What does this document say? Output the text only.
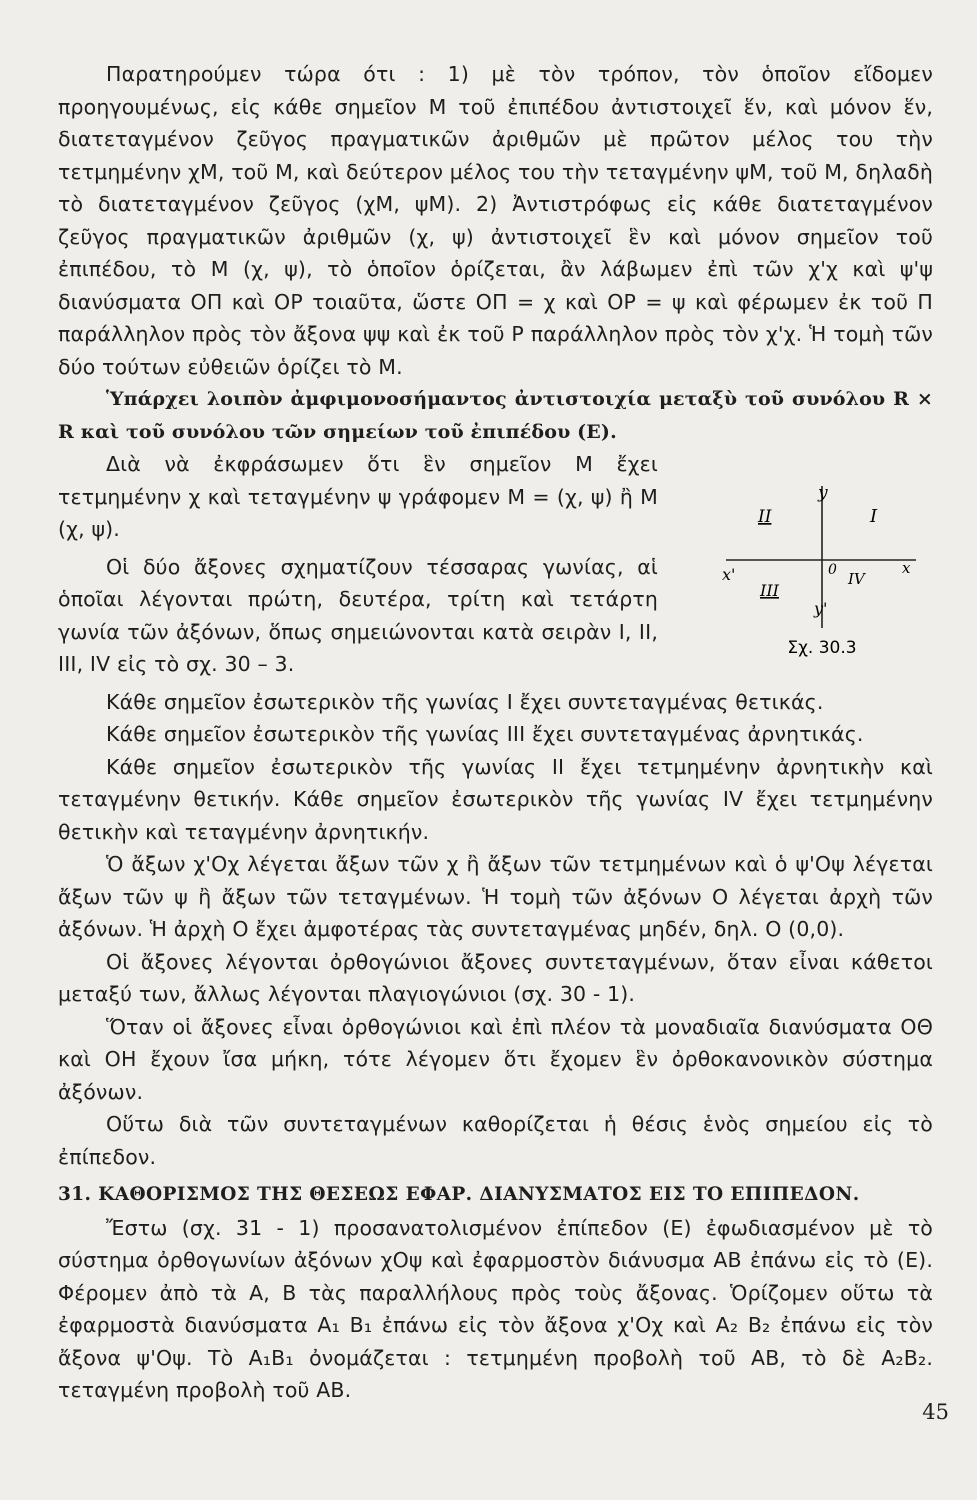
Παρατηρούμεν τώρα ότι : 1) μὲ τὸν τρόπον, τὸν ὁποῖον εἴδομεν προηγουμένως, εἰς κάθε σημεῖον Μ τοῦ ἐπιπέδου ἀντιστοιχεῖ ἕν, καὶ μόνον ἕν, διατεταγμένον ζεῦγος πραγματικῶν ἀριθμῶν μὲ πρῶτον μέλος του τὴν τετμημένην χΜ, τοῦ Μ, καὶ δεύτερον μέλος του τὴν τεταγμένην ψΜ, τοῦ Μ, δηλαδὴ τὸ διατεταγμένον ζεῦγος (χΜ, ψΜ). 2) Ἀντιστρόφως εἰς κάθε διατεταγμένον ζεῦγος πραγματικῶν ἀριθμῶν (χ, ψ) ἀντιστοιχεῖ ἓν καὶ μόνον σημεῖον τοῦ ἐπιπέδου, τὸ Μ (χ, ψ), τὸ ὁποῖον ὁρίζεται, ἂν λάβωμεν ἐπὶ τῶν χ'χ καὶ ψ'ψ διανύσματα ΟΠ καὶ ΟΡ τοιαῦτα, ὥστε ΟΠ = χ καὶ ΟΡ = ψ καὶ φέρωμεν ἐκ τοῦ Π παράλληλον πρὸς τὸν ἄξονα ψψ καὶ ἐκ τοῦ Ρ παράλληλον πρὸς τὸν χ'χ. Ἡ τομὴ τῶν δύο τούτων εὐθειῶν ὁρίζει τὸ Μ.

Ὑπάρχει λοιπὸν ἀμφιμονοσήμαντος ἀντιστοιχία μεταξὺ τοῦ συνόλου R × R καὶ τοῦ συνόλου τῶν σημείων τοῦ ἐπιπέδου (Ε).

Διὰ νὰ ἐκφράσωμεν ὅτι ἓν σημεῖον Μ ἔχει τετμημένην χ καὶ τεταγμένην ψ γράφομεν Μ = (χ, ψ) ἢ Μ (χ, ψ).

Οἱ δύο ἄξονες σχηματίζουν τέσσαρας γωνίας, αἱ ὁποῖαι λέγονται πρώτη, δευτέρα, τρίτη καὶ τετάρτη γωνία τῶν ἀξόνων, ὅπως σημειώνονται κατὰ σειρὰν Ι, ΙΙ, ΙΙΙ, ΙV εἰς τὸ σχ. 30 – 3.

Κάθε σημεῖον ἐσωτερικὸν τῆς γωνίας Ι ἔχει συντεταγμένας θετικάς.

Κάθε σημεῖον ἐσωτερικὸν τῆς γωνίας ΙΙΙ ἔχει συντεταγμένας ἀρνητικάς.

Κάθε σημεῖον ἐσωτερικὸν τῆς γωνίας ΙΙ ἔχει τετμημένην ἀρνητικὴν καὶ τεταγμένην θετικήν. Κάθε σημεῖον ἐσωτερικὸν τῆς γωνίας IV ἔχει τετμημένην θετικὴν καὶ τεταγμένην ἀρνητικήν.

Ὁ ἄξων χ'Οχ λέγεται ἄξων τῶν χ ἢ ἄξων τῶν τετμημένων καὶ ὁ ψ'Οψ λέγεται ἄξων τῶν ψ ἢ ἄξων τῶν τεταγμένων. Ἡ τομὴ τῶν ἀξόνων Ο λέγεται ἀρχὴ τῶν ἀξόνων. Ἡ ἀρχὴ Ο ἔχει ἀμφοτέρας τὰς συντεταγμένας μηδέν, δηλ. Ο (0,0).

Οἱ ἄξονες λέγονται ὀρθογώνιοι ἄξονες συντεταγμένων, ὅταν εἶναι κάθετοι μεταξύ των, ἄλλως λέγονται πλαγιογώνιοι (σχ. 30 - 1).

Ὅταν οἱ ἄξονες εἶναι ὀρθογώνιοι καὶ ἐπὶ πλέον τὰ μοναδιαῖα διανύσματα ΟΘ καὶ ΟΗ ἔχουν ἴσα μήκη, τότε λέγομεν ὅτι ἔχομεν ἓν ὀρθοκανονικὸν σύστημα ἀξόνων.

Οὕτω διὰ τῶν συντεταγμένων καθορίζεται ἡ θέσις ἑνὸς σημείου εἰς τὸ ἐπίπεδον.

31. ΚΑΘΟΡΙΣΜΟΣ ΤΗΣ ΘΕΣΕΩΣ ΕΦΑΡ. ΔΙΑΝΥΣΜΑΤΟΣ ΕΙΣ ΤΟ ΕΠΙΠΕΔΟΝ.

Ἔστω (σχ. 31 - 1) προσανατολισμένον ἐπίπεδον (Ε) ἐφωδιασμένον μὲ τὸ σύστημα ὀρθογωνίων ἀξόνων χΟψ καὶ ἐφαρμοστὸν διάνυσμα ΑΒ ἐπάνω εἰς τὸ (Ε). Φέρομεν ἀπὸ τὰ Α, Β τὰς παραλλήλους πρὸς τοὺς ἄξονας. Ὁρίζομεν οὕτω τὰ ἐφαρμοστὰ διανύσματα Α₁ Β₁ ἐπάνω εἰς τὸν ἄξονα χ'Οχ καὶ Α₂ Β₂ ἐπάνω εἰς τὸν ἄξονα ψ'Οψ. Τὸ Α₁Β₁ ὀνομάζεται : τετμημένη προβολὴ τοῦ ΑΒ, τὸ δὲ Α₂Β₂. τεταγμένη προβολὴ τοῦ ΑΒ.

y
x
x'
y'
0
I
II
III
IV
Σχ. 30.3
45
